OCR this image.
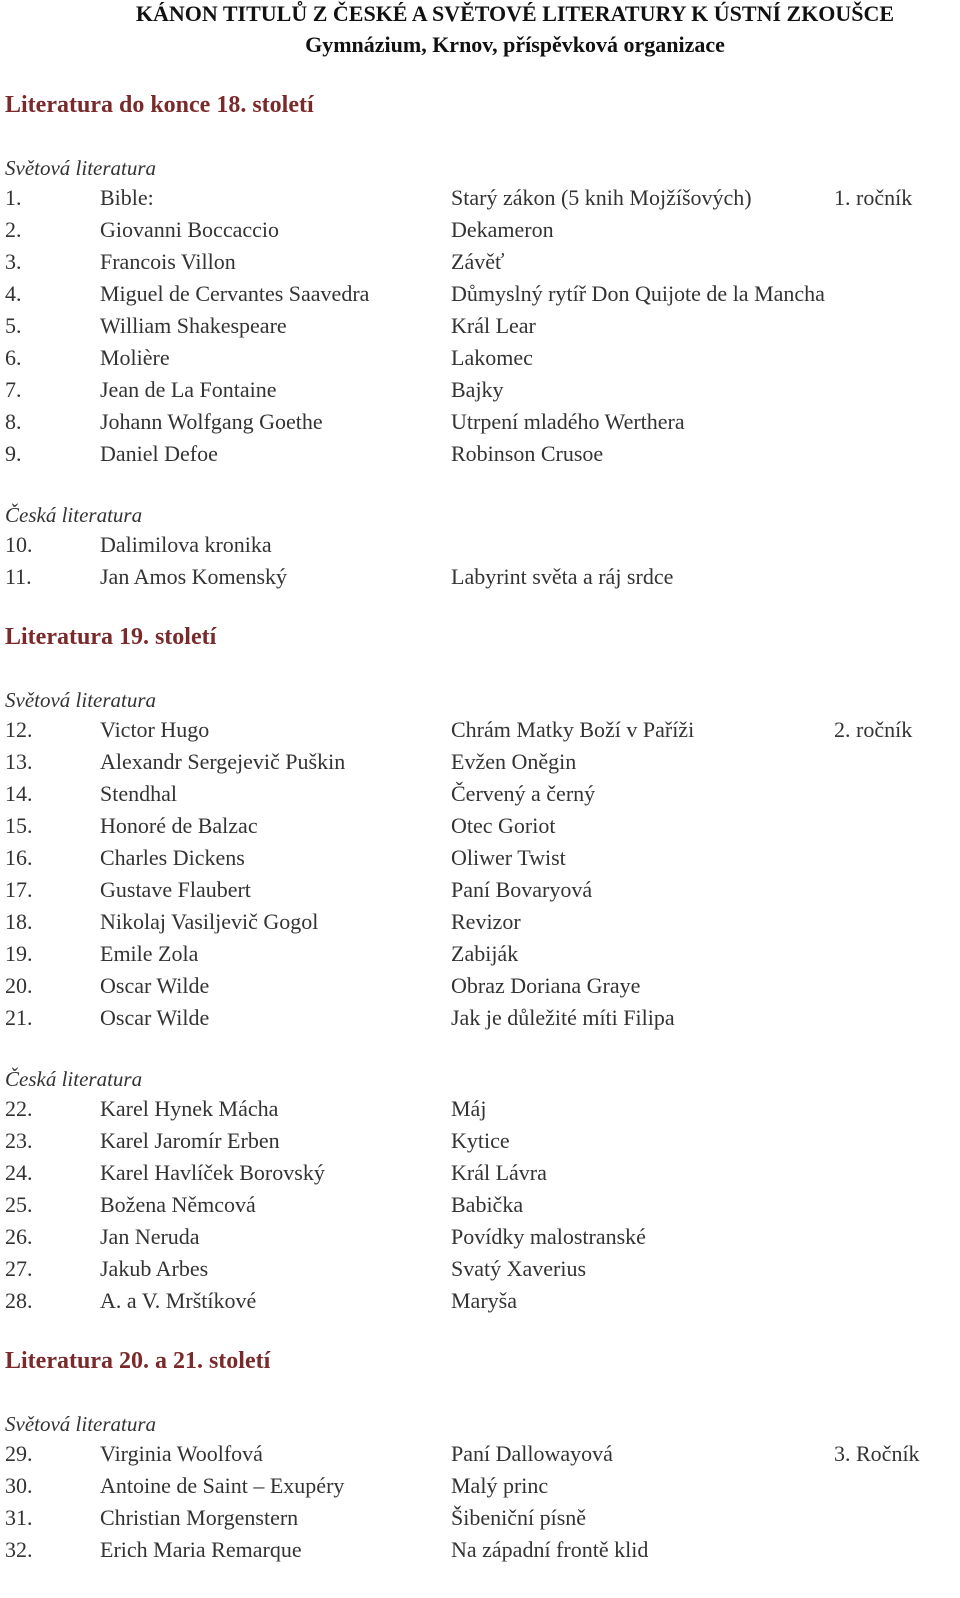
KÁNON TITULŮ Z ČESKÉ A SVĚTOVÉ LITERATURY K ÚSTNÍ ZKOUŠCE
Gymnázium, Krnov, příspěvková organizace
Literatura do konce 18. století
Světová literatura
1.	Bible:	Starý zákon (5 knih Mojžíšových)	1. ročník
2.	Giovanni Boccaccio	Dekameron
3.	Francois Villon	Závěť
4.	Miguel de Cervantes Saavedra	Důmyslný rytíř Don Quijote de la Mancha
5.	William Shakespeare	Král Lear
6.	Molière	Lakomec
7.	Jean de La Fontaine	Bajky
8.	Johann Wolfgang Goethe	Utrpení mladého Werthera
9.	Daniel Defoe	Robinson Crusoe
Česká literatura
10.	Dalimilova kronika
11.	Jan Amos Komenský	Labyrint světa a ráj srdce
Literatura 19. století
Světová literatura
12.	Victor Hugo	Chrám Matky Boží v Paříži	2. ročník
13.	Alexandr Sergejevič Puškin	Evžen Oněgin
14.	Stendhal	Červený a černý
15.	Honoré de Balzac	Otec Goriot
16.	Charles Dickens	Oliwer Twist
17.	Gustave Flaubert	Paní Bovaryová
18.	Nikolaj Vasiljevič Gogol	Revizor
19.	Emile Zola	Zabiják
20.	Oscar Wilde	Obraz Doriana Graye
21.	Oscar Wilde	Jak je důležité míti Filipa
Česká literatura
22.	Karel Hynek Mácha	Máj
23.	Karel Jaromír Erben	Kytice
24.	Karel Havlíček Borovský	Král Lávra
25.	Božena Němcová	Babička
26.	Jan Neruda	Povídky malostranské
27.	Jakub Arbes	Svatý Xaverius
28.	A. a V. Mrštíkové	Maryša
Literatura 20. a 21. století
Světová literatura
29.	Virginia Woolfová	Paní Dallowayová	3. Ročník
30.	Antoine de Saint – Exupéry	Malý princ
31.	Christian Morgenstern	Šibeniční písně
32.	Erich Maria Remarque	Na západní frontě klid
